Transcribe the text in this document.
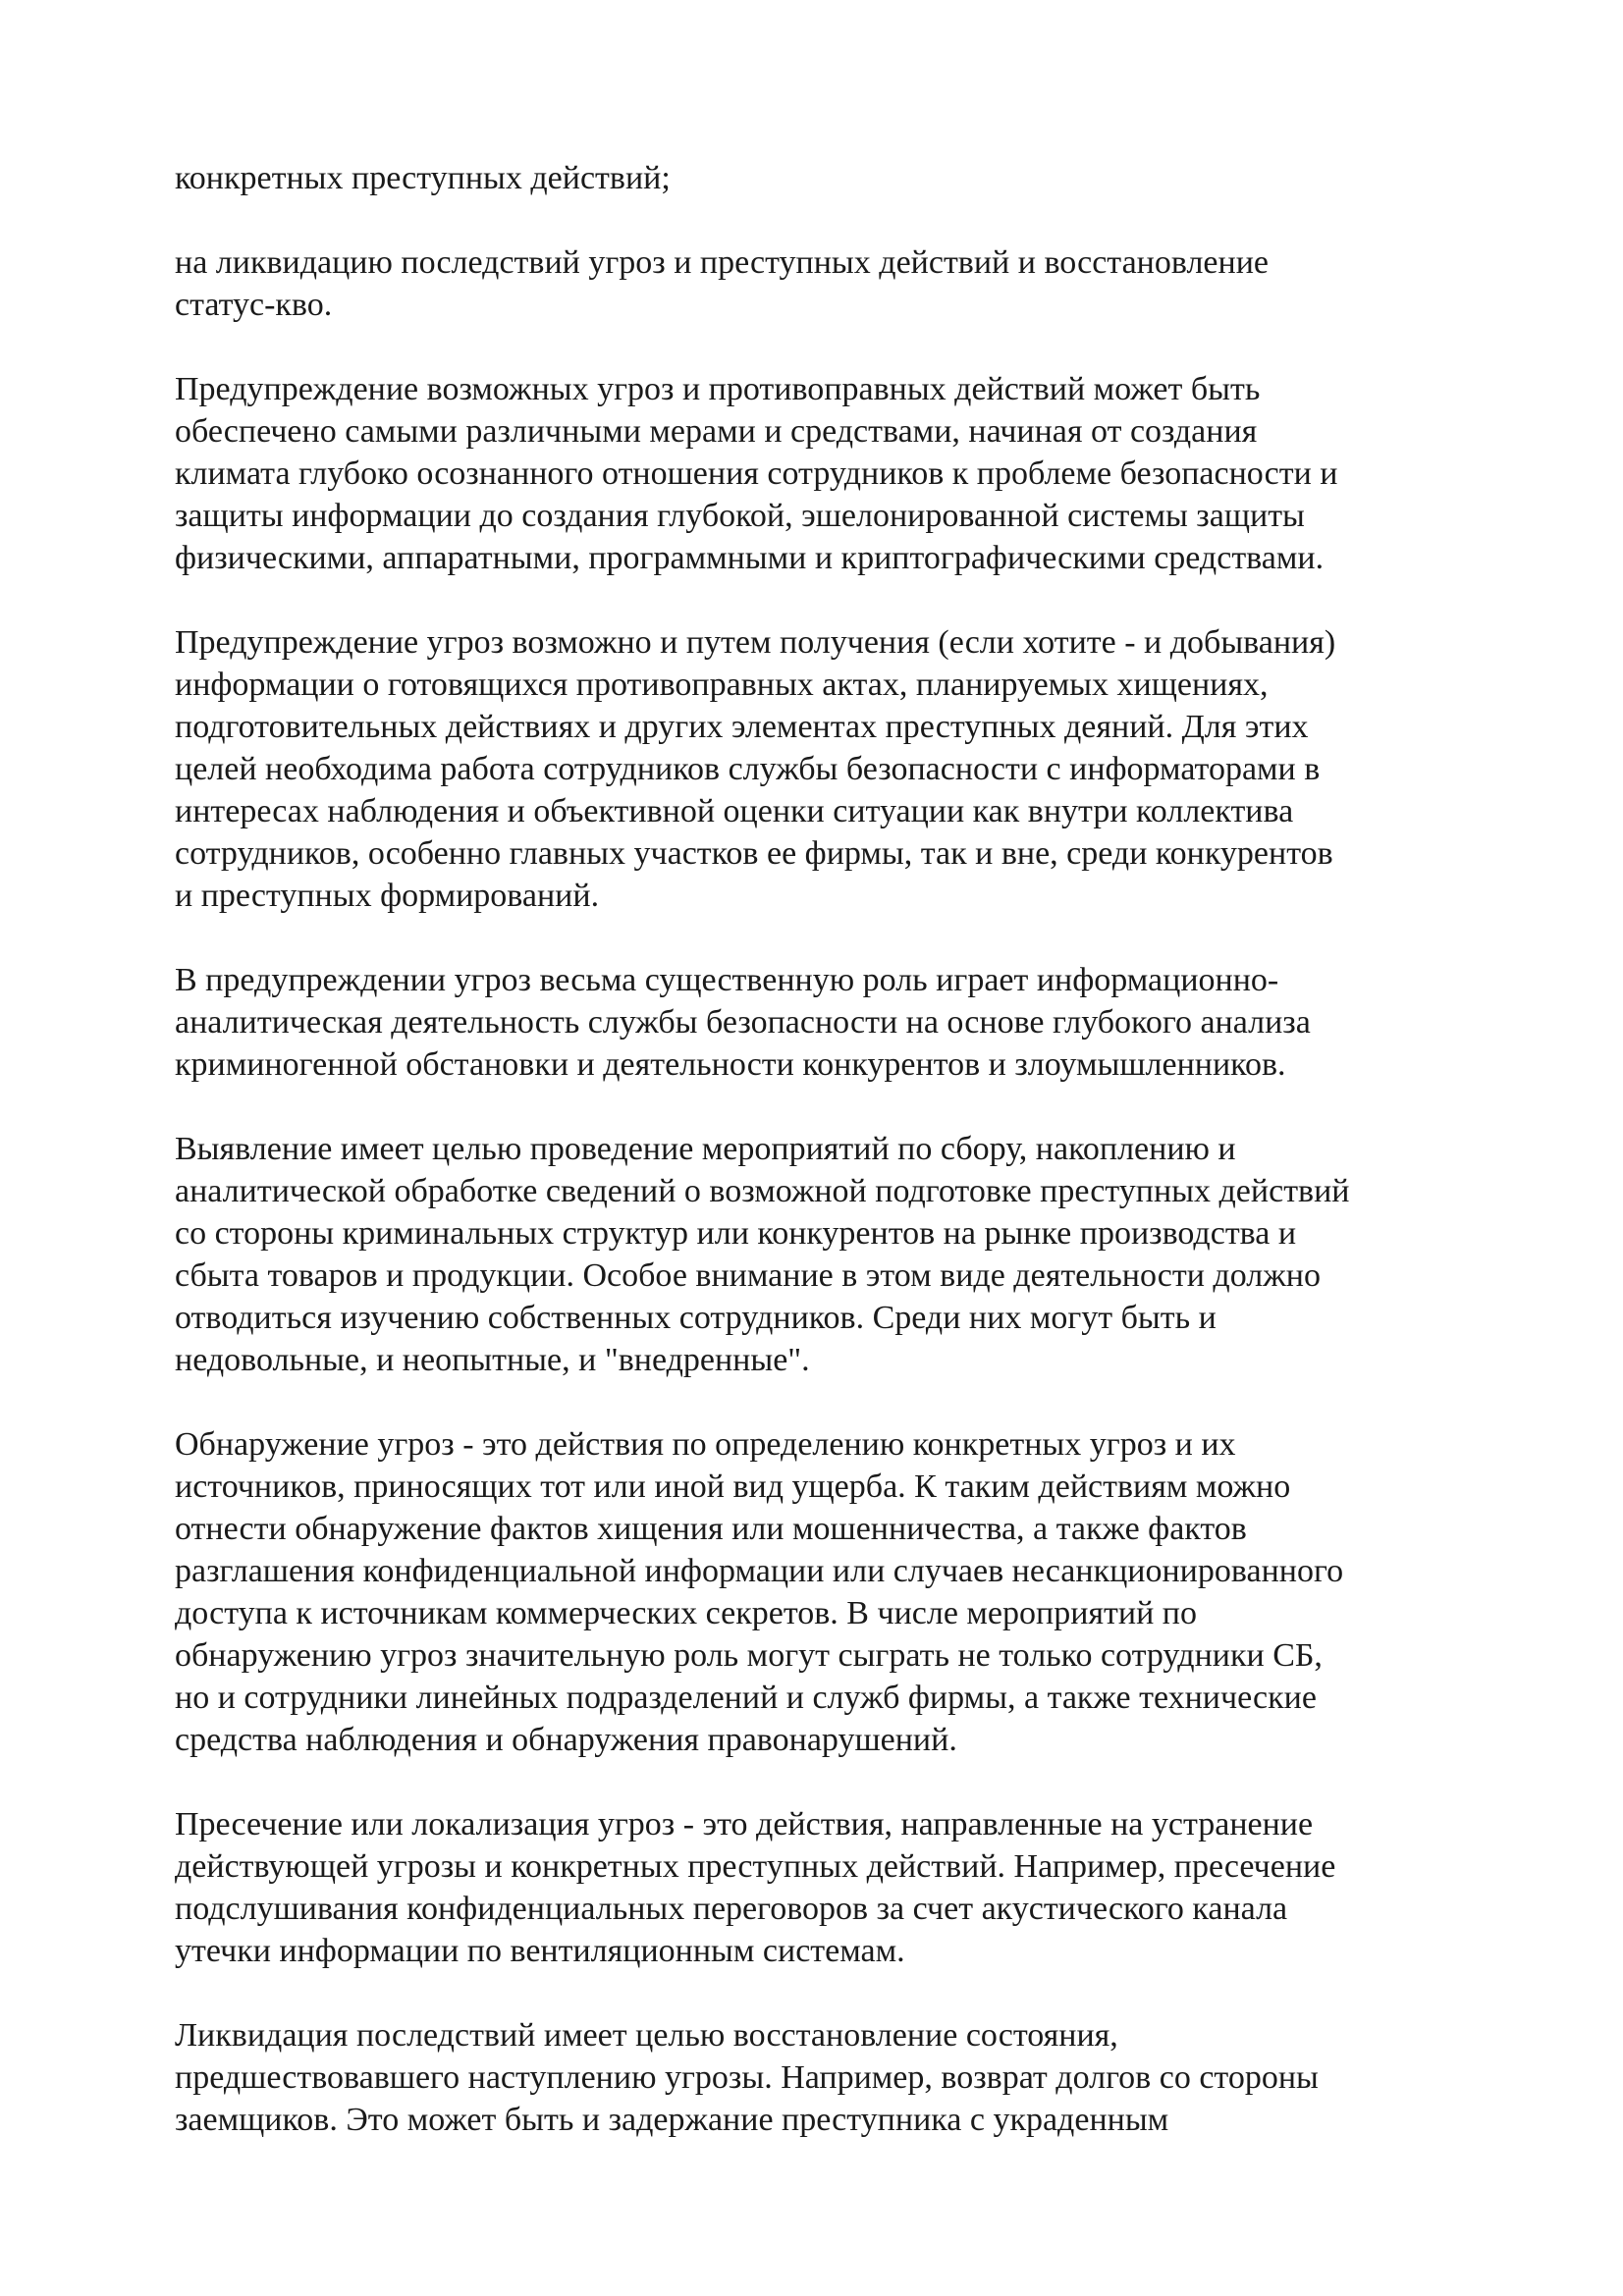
конкретных преступных действий;

на ликвидацию последствий угроз и преступных действий и восстановление
статус-кво.

Предупреждение возможных угроз и противоправных действий может быть
обеспечено самыми различными мерами и средствами, начиная от создания
климата глубоко осознанного отношения сотрудников к проблеме безопасности и
защиты информации до создания глубокой, эшелонированной системы защиты
физическими, аппаратными, программными и криптографическими средствами.

Предупреждение угроз возможно и путем получения (если хотите - и добывания)
информации о готовящихся противоправных актах, планируемых хищениях,
подготовительных действиях и других элементах преступных деяний. Для этих
целей необходима работа сотрудников службы безопасности с информаторами в
интересах наблюдения и объективной оценки ситуации как внутри коллектива
сотрудников, особенно главных участков ее фирмы, так и вне, среди конкурентов
и преступных формирований.

В предупреждении угроз весьма существенную роль играет информационно-
аналитическая деятельность службы безопасности на основе глубокого анализа
криминогенной обстановки и деятельности конкурентов и злоумышленников.

Выявление имеет целью проведение мероприятий по сбору, накоплению и
аналитической обработке сведений о возможной подготовке преступных действий
со стороны криминальных структур или конкурентов на рынке производства и
сбыта товаров и продукции. Особое внимание в этом виде деятельности должно
отводиться изучению собственных сотрудников. Среди них могут быть и
недовольные, и неопытные, и "внедренные".

Обнаружение угроз - это действия по определению конкретных угроз и их
источников, приносящих тот или иной вид ущерба. К таким действиям можно
отнести обнаружение фактов хищения или мошенничества, а также фактов
разглашения конфиденциальной информации или случаев несанкционированного
доступа к источникам коммерческих секретов. В числе мероприятий по
обнаружению угроз значительную роль могут сыграть не только сотрудники СБ,
но и сотрудники линейных подразделений и служб фирмы, а также технические
средства наблюдения и обнаружения правонарушений.

Пресечение или локализация угроз - это действия, направленные на устранение
действующей угрозы и конкретных преступных действий. Например, пресечение
подслушивания конфиденциальных переговоров за счет акустического канала
утечки информации по вентиляционным системам.

Ликвидация последствий имеет целью восстановление состояния,
предшествовавшего наступлению угрозы. Например, возврат долгов со стороны
заемщиков. Это может быть и задержание преступника с украденным
